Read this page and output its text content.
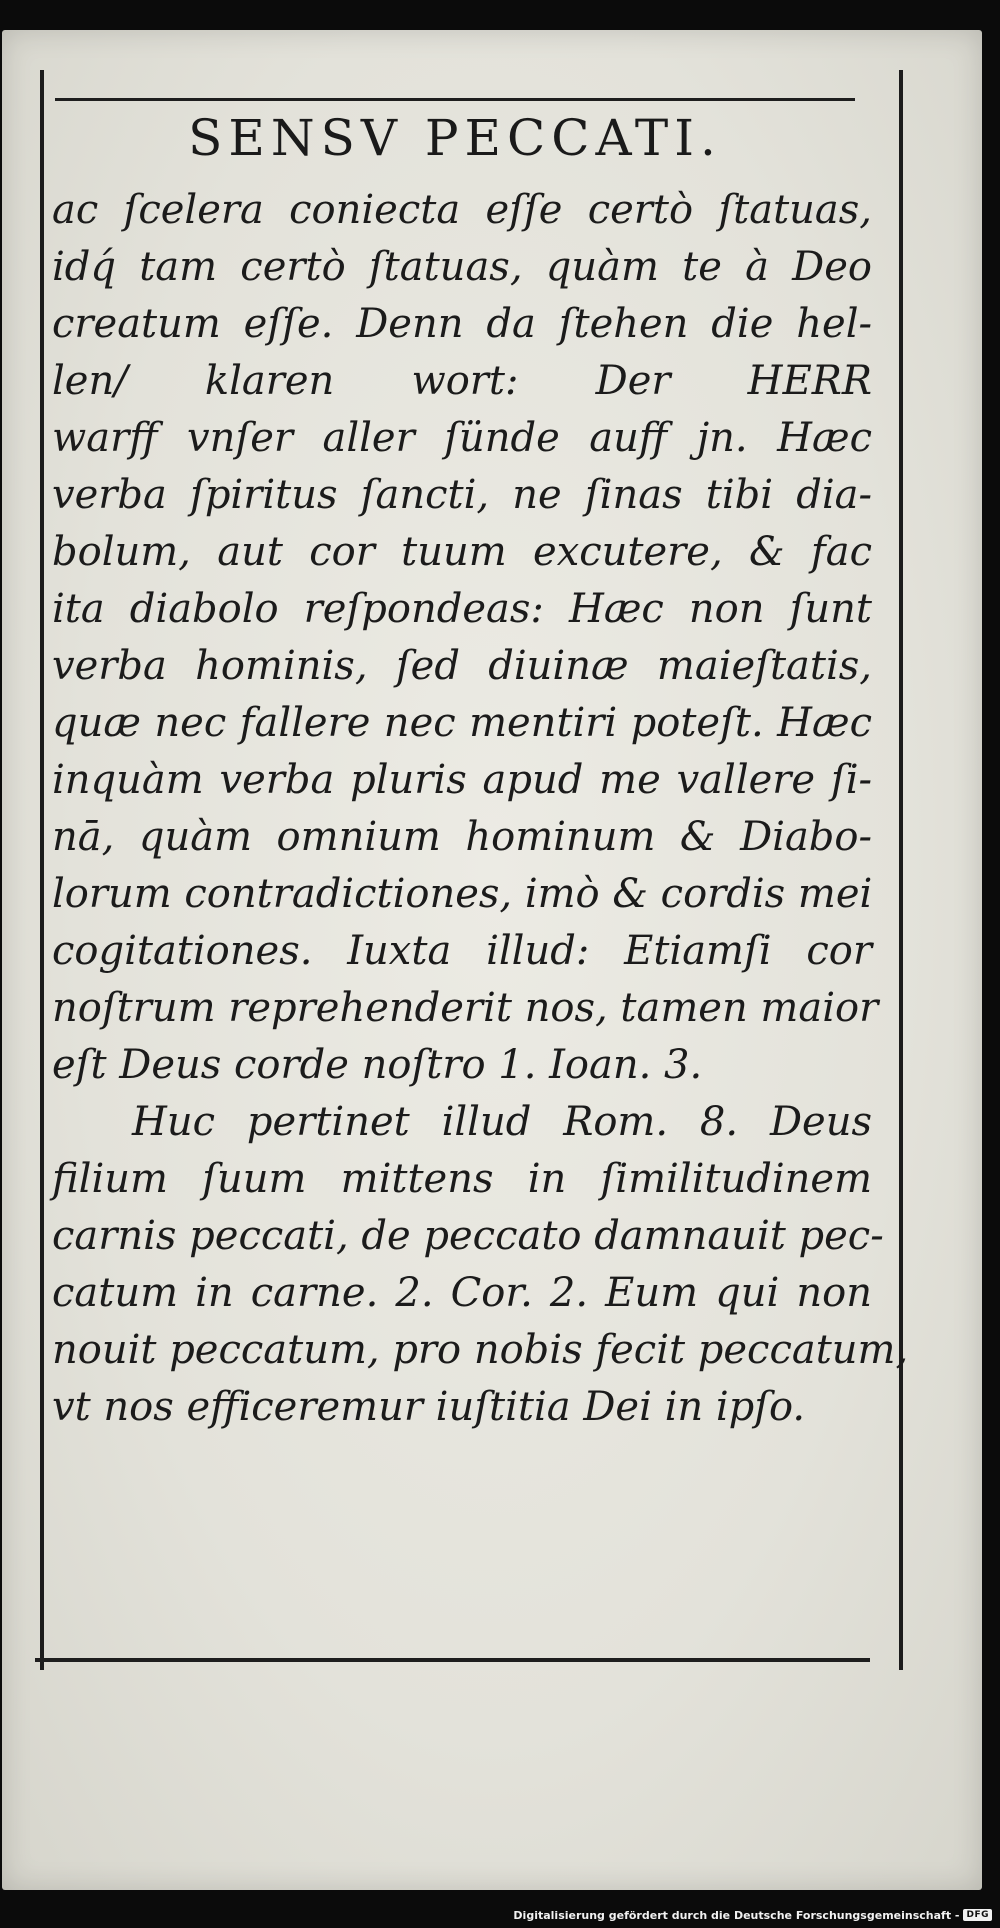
SENSV PECCATI.
ac ſcelera coniecta eſſe certò ſtatuas,
idq́ tam certò ſtatuas, quàm te à Deo
creatum eſſe. Denn da ſtehen die hel-
len/ klaren wort: Der HERR
warff vnſer aller ſünde auff jn. Hæc
verba ſpiritus ſancti, ne ſinas tibi dia-
bolum, aut cor tuum excutere, & fac
ita diabolo reſpondeas: Hæc non ſunt
verba hominis, ſed diuinæ maieſtatis,
quæ nec fallere nec mentiri poteſt. Hæc
inquàm verba pluris apud me vallere ſi-
nā, quàm omnium hominum & Diabo-
lorum contradictiones, imò & cordis mei
cogitationes. Iuxta illud: Etiamſi cor
noſtrum reprehenderit nos, tamen maior
eſt Deus corde noſtro 1. Ioan. 3.
Huc pertinet illud Rom. 8. Deus
filium ſuum mittens in ſimilitudinem
carnis peccati, de peccato damnauit pec-
catum in carne. 2. Cor. 2. Eum qui non
nouit peccatum, pro nobis fecit peccatum,
vt nos efficeremur iuſtitia Dei in ipſo.
Digitalisierung gefördert durch die Deutsche Forschungsgemeinschaft - DFG
